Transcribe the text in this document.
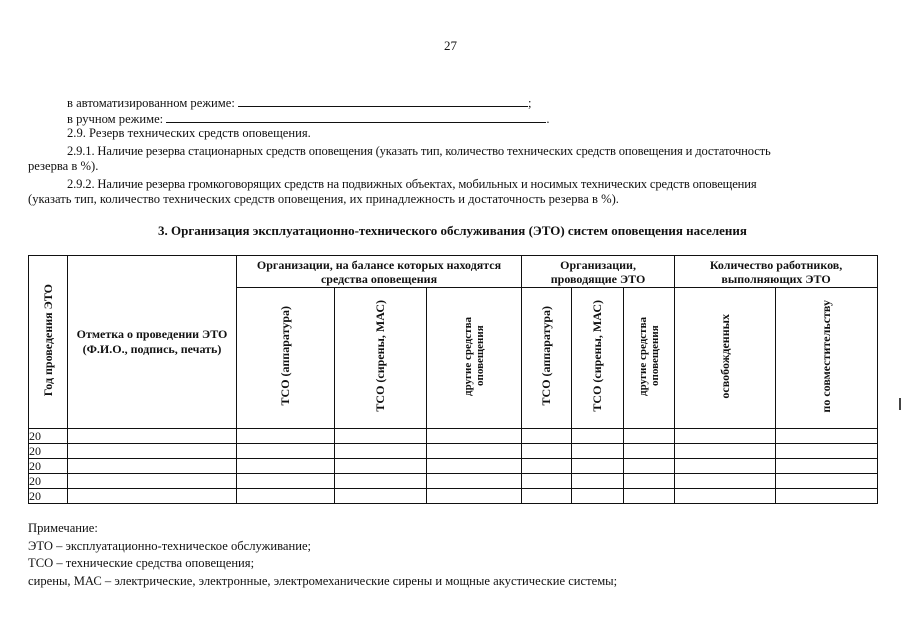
27
в автоматизированном режиме:	;
в ручном режиме:	.
2.9. Резерв технических средств оповещения.
2.9.1. Наличие резерва стационарных средств оповещения (указать тип, количество технических средств оповещения и достаточность
резерва в %).
2.9.2. Наличие резерва громкоговорящих средств на подвижных объектах, мобильных и носимых технических средств оповещения
(указать тип, количество технических средств оповещения, их принадлежность и достаточность резерва в %).
3. Организация эксплуатационно-технического обслуживания (ЭТО) систем оповещения населения
Год проведения ЭТО	Отметка о проведении ЭТО (Ф.И.О., подпись, печать)	Организации, на балансе которых находятся средства оповещения			Организации, проводящие ЭТО			Количество работников, выполняющих ЭТО	
		ТСО (аппаратура)	ТСО (сирены, МАС)	другие средства оповещения	ТСО (аппаратура)	ТСО (сирены, МАС)	другие средства оповещения	освобожденных	по совместительству
20									
20									
20									
20									
20									
Примечание:
ЭТО – эксплуатационно-техническое обслуживание;
ТСО – технические средства оповещения;
сирены, МАС – электрические, электронные, электромеханические сирены и мощные акустические системы;
